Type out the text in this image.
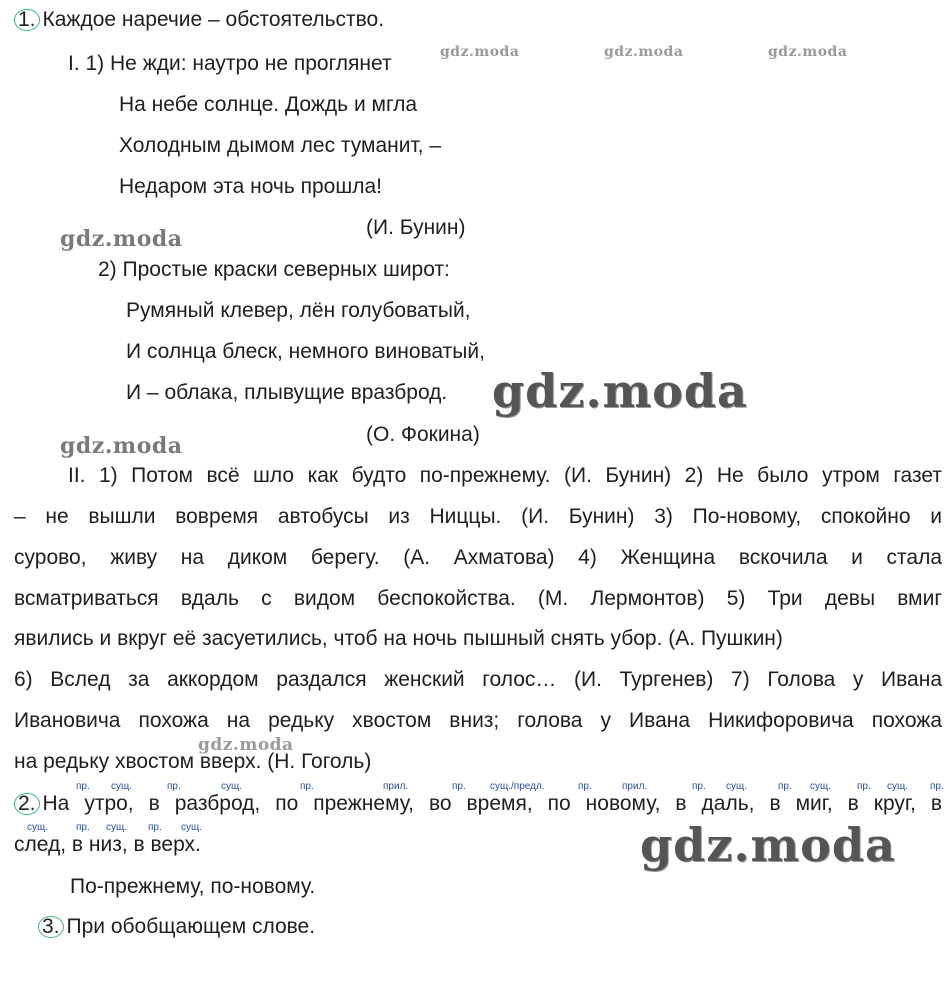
1. Каждое наречие – обстоятельство.
I. 1) Не жди: наутро не проглянет
На небе солнце. Дождь и мгла
Холодным дымом лес туманит, –
Недаром эта ночь прошла!
(И. Бунин)
2) Простые краски северных широт:
Румяный клевер, лён голубоватый,
И солнца блеск, немного виноватый,
И – облака, плывущие вразброд.
(О. Фокина)
II. 1) Потом всё шло как будто по-прежнему. (И. Бунин) 2) Не было утром газет
– не вышли вовремя автобусы из Ниццы. (И. Бунин) 3) По-новому, спокойно и
сурово, живу на диком берегу. (А. Ахматова) 4) Женщина вскочила и стала
всматриваться вдаль с видом беспокойства. (М. Лермонтов) 5) Три девы вмиг
явились и вкруг её засуетились, чтоб на ночь пышный снять убор. (А. Пушкин)
6) Вслед за аккордом раздался женский голос… (И. Тургенев) 7) Голова у Ивана
Ивановича похожа на редьку хвостом вниз; голова у Ивана Никифоровича похожа
на редьку хвостом вверх. (Н. Гоголь)
пр. сущ.	пр.	сущ.	пр.	прил.	пр. сущ./предл.	пр.	прил.	пр. сущ.	пр. сущ.	пр. сущ. пр.
2. На утро, в разброд, по прежнему, во время, по новому, в даль, в миг, в круг, в
сущ.	пр. сущ. пр. сущ.
след, в низ, в верх.
По-прежнему, по-новому.
3. При обобщающем слове.
gdz.moda	gdz.moda	gdz.moda
gdz.moda
gdz.moda
gdz.moda
gdz.moda
gdz.moda
